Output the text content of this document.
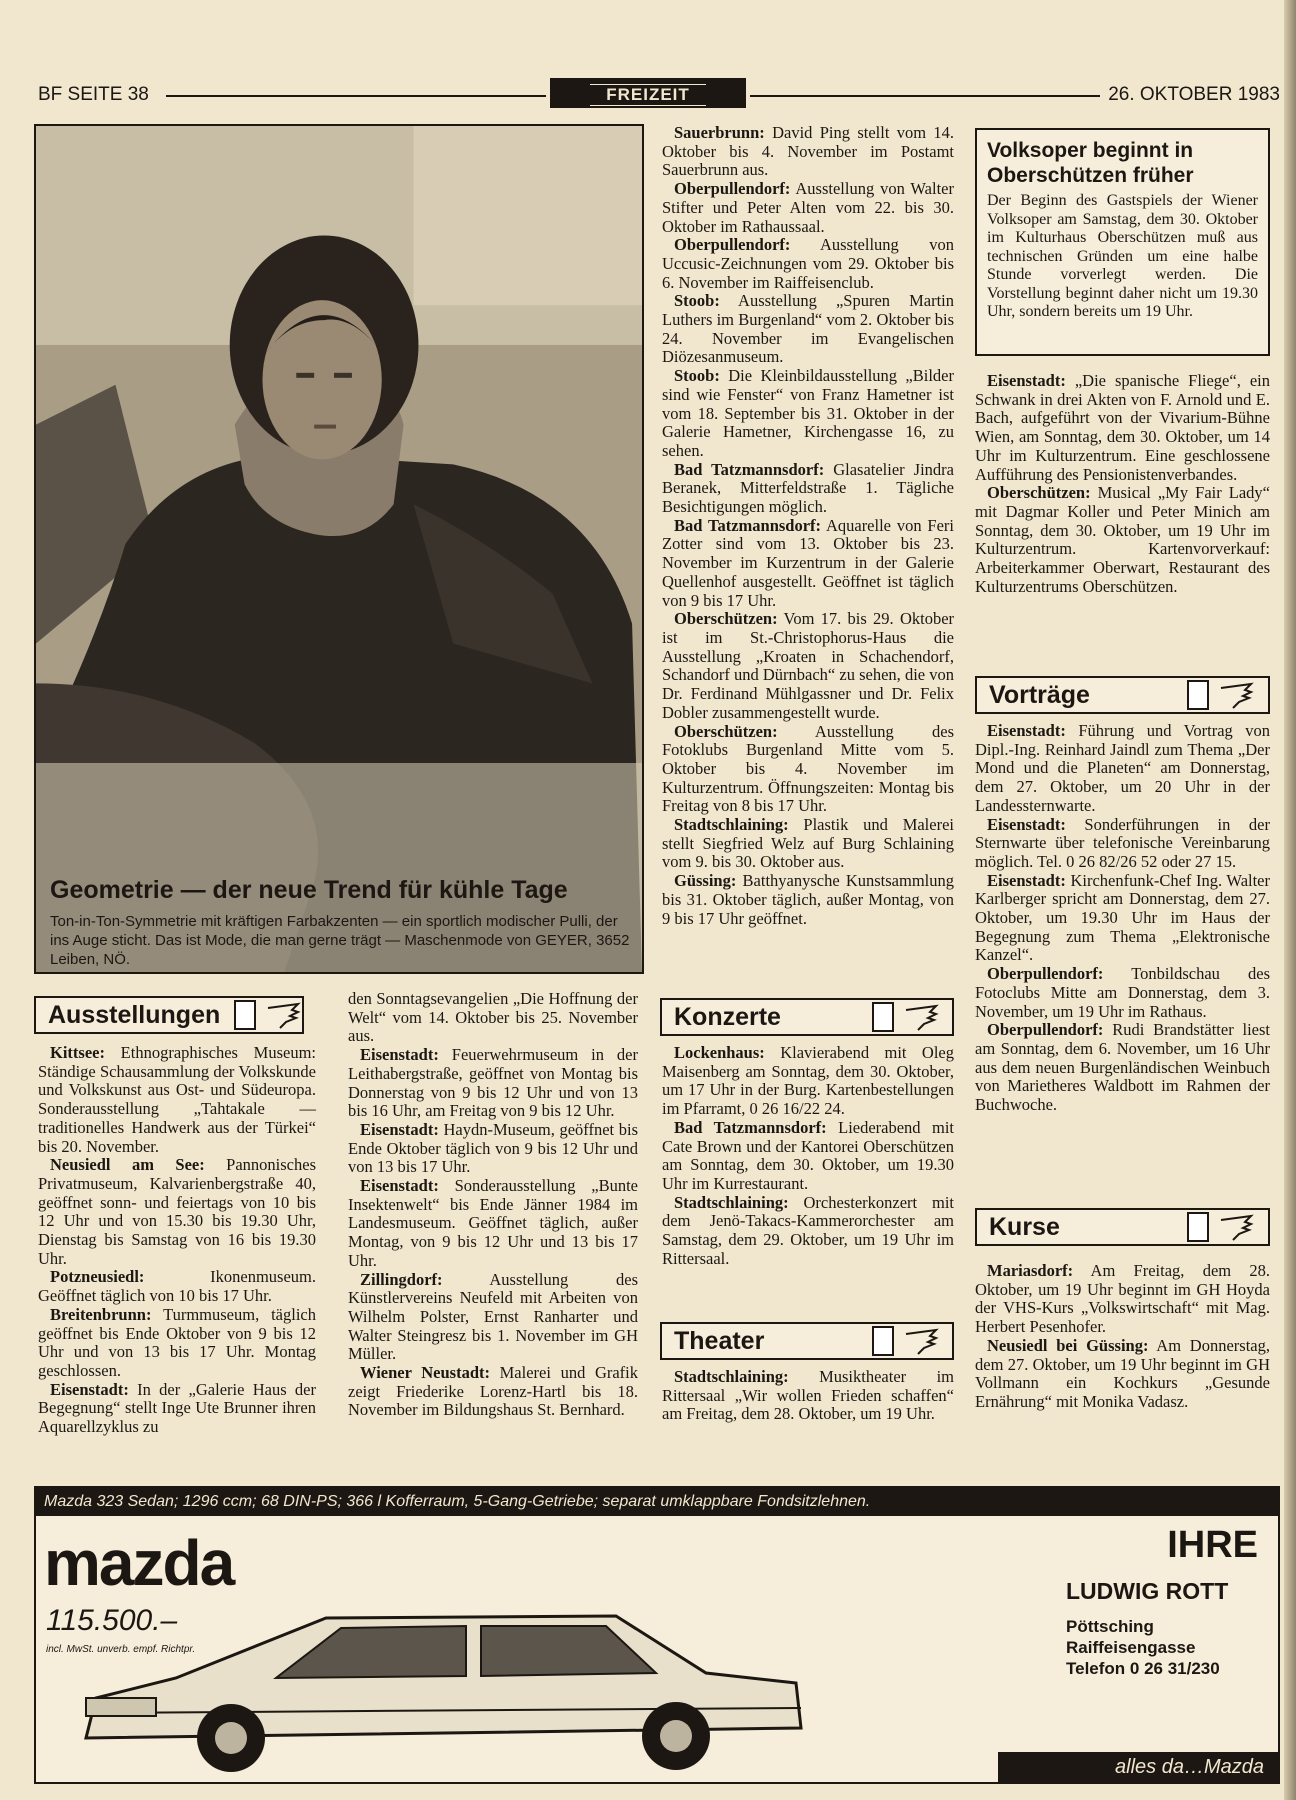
BF SEITE 38	FREIZEIT	26. OKTOBER 1983
Geometrie — der neue Trend für kühle Tage
Ton-in-Ton-Symmetrie mit kräftigen Farbakzenten — ein sportlich modischer Pulli, der ins Auge sticht. Das ist Mode, die man gerne trägt — Maschenmode von GEYER, 3652 Leiben, NÖ.
Ausstellungen

Kittsee: Ethnographisches Museum: Ständige Schausammlung der Volkskunde und Volkskunst aus Ost- und Südeuropa. Sonderausstellung „Tahtakale — traditionelles Handwerk aus der Türkei“ bis 20. November.

Neusiedl am See: Pannonisches Privatmuseum, Kalvarienbergstraße 40, geöffnet sonn- und feiertags von 10 bis 12 Uhr und von 15.30 bis 19.30 Uhr, Dienstag bis Samstag von 16 bis 19.30 Uhr.

Potzneusiedl:	Ikonenmuseum. Geöffnet täglich von 10 bis 17 Uhr.

Breitenbrunn: Turmmuseum, täglich geöffnet bis Ende Oktober von 9 bis 12 Uhr und von 13 bis 17 Uhr. Montag geschlossen.

Eisenstadt: In der „Galerie Haus der Begegnung“ stellt Inge Ute Brunner ihren Aquarellzyklus zu

den Sonntagsevangelien „Die Hoffnung der Welt“ vom 14. Oktober bis 25. November aus.

Eisenstadt: Feuerwehrmuseum in der Leithabergstraße, geöffnet von Montag bis Donnerstag von 9 bis 12 Uhr und von 13 bis 16 Uhr, am Freitag von 9 bis 12 Uhr.

Eisenstadt: Haydn-Museum, geöffnet bis Ende Oktober täglich von 9 bis 12 Uhr und von 13 bis 17 Uhr.

Eisenstadt: Sonderausstellung „Bunte Insektenwelt“ bis Ende Jänner 1984 im Landesmuseum. Geöffnet täglich, außer Montag, von 9 bis 12 Uhr und 13 bis 17 Uhr.

Zillingdorf:	Ausstellung des Künstlervereins Neufeld mit Arbeiten von Wilhelm Polster, Ernst Ranharter und Walter Steingresz bis 1. November im GH Müller.

Wiener Neustadt: Malerei und Grafik zeigt Friederike Lorenz-Hartl bis 18. November im Bildungshaus St. Bernhard.

Sauerbrunn: David Ping stellt vom 14. Oktober bis 4. November im Postamt Sauerbrunn aus.

Oberpullendorf: Ausstellung von Walter Stifter und Peter Alten vom 22. bis 30. Oktober im Rathaussaal.

Oberpullendorf: Ausstellung von Uccusic-Zeichnungen vom 29. Oktober bis 6. November im Raiffeisenclub.

Stoob: Ausstellung „Spuren Martin Luthers im Burgenland“ vom 2. Oktober bis 24. November im Evangelischen Diözesanmuseum.

Stoob: Die Kleinbildausstellung „Bilder sind wie Fenster“ von Franz Hametner ist vom 18. September bis 31. Oktober in der Galerie Hametner, Kirchengasse 16, zu sehen.

Bad Tatzmannsdorf: Glasatelier Jindra Beranek, Mitterfeldstraße 1. Tägliche Besichtigungen möglich.

Bad Tatzmannsdorf: Aquarelle von Feri Zotter sind vom 13. Oktober bis 23. November im Kurzentrum in der Galerie Quellenhof ausgestellt. Geöffnet ist täglich von 9 bis 17 Uhr.

Oberschützen: Vom 17. bis 29. Oktober ist im St.-Christophorus-Haus die Ausstellung „Kroaten in Schachendorf, Schandorf und Dürnbach“ zu sehen, die von Dr. Ferdinand Mühlgassner und Dr. Felix Dobler zusammengestellt wurde.

Oberschützen: Ausstellung des Fotoklubs Burgenland Mitte vom 5. Oktober bis 4. November im Kulturzentrum. Öffnungszeiten: Montag bis Freitag von 8 bis 17 Uhr.

Stadtschlaining: Plastik und Malerei stellt Siegfried Welz auf Burg Schlaining vom 9. bis 30. Oktober aus.

Güssing: Batthyanysche Kunstsammlung bis 31. Oktober täglich, außer Montag, von 9 bis 17 Uhr geöffnet.

Konzerte

Lockenhaus: Klavierabend mit Oleg Maisenberg am Sonntag, dem 30. Oktober, um 17 Uhr in der Burg. Kartenbestellungen im Pfarramt, 0 26 16/22 24.

Bad Tatzmannsdorf: Liederabend mit Cate Brown und der Kantorei Oberschützen am Sonntag, dem 30. Oktober, um 19.30 Uhr im Kurrestaurant.

Stadtschlaining: Orchesterkonzert mit dem Jenö-Takacs-Kammerorchester am Samstag, dem 29. Oktober, um 19 Uhr im Rittersaal.

Theater

Stadtschlaining: Musiktheater im Rittersaal „Wir wollen Frieden schaffen“ am Freitag, dem 28. Oktober, um 19 Uhr.

Volksoper beginnt in Oberschützen früher
Der Beginn des Gastspiels der Wiener Volksoper am Samstag, dem 30. Oktober im Kulturhaus Oberschützen muß aus technischen Gründen um eine halbe Stunde vorverlegt werden. Die Vorstellung beginnt daher nicht um 19.30 Uhr, sondern bereits um 19 Uhr.

Eisenstadt: „Die spanische Fliege“, ein Schwank in drei Akten von F. Arnold und E. Bach, aufgeführt von der Vivarium-Bühne Wien, am Sonntag, dem 30. Oktober, um 14 Uhr im Kulturzentrum. Eine geschlossene Aufführung des Pensionistenverbandes.

Oberschützen: Musical „My Fair Lady“ mit Dagmar Koller und Peter Minich am Sonntag, dem 30. Oktober, um 19 Uhr im Kulturzentrum. Kartenvorverkauf: Arbeiterkammer Oberwart, Restaurant des Kulturzentrums Oberschützen.

Vorträge

Eisenstadt: Führung und Vortrag von Dipl.-Ing. Reinhard Jaindl zum Thema „Der Mond und die Planeten“ am Donnerstag, dem 27. Oktober, um 20 Uhr in der Landessternwarte.

Eisenstadt: Sonderführungen in der Sternwarte über telefonische Vereinbarung möglich. Tel. 0 26 82/26 52 oder 27 15.

Eisenstadt: Kirchenfunk-Chef Ing. Walter Karlberger spricht am Donnerstag, dem 27. Oktober, um 19.30 Uhr im Haus der Begegnung zum Thema „Elektronische Kanzel“.

Oberpullendorf: Tonbildschau des Fotoclubs Mitte am Donnerstag, dem 3. November, um 19 Uhr im Rathaus.

Oberpullendorf: Rudi Brandstätter liest am Sonntag, dem 6. November, um 16 Uhr aus dem neuen Burgenländischen Weinbuch von Marietheres Waldbott im Rahmen der Buchwoche.

Kurse

Mariasdorf: Am Freitag, dem 28. Oktober, um 19 Uhr beginnt im GH Hoyda der VHS-Kurs „Volkswirtschaft“ mit Mag. Herbert Pesenhofer.

Neusiedl bei Güssing: Am Donnerstag, dem 27. Oktober, um 19 Uhr beginnt im GH Vollmann ein Kochkurs „Gesunde Ernährung“ mit Monika Vadasz.

Mazda 323 Sedan; 1296 ccm; 68 DIN-PS; 366 l Kofferraum, 5-Gang-Getriebe; separat umklappbare Fondsitzlehnen.
mazda
115.500.–
incl. MwSt. unverb. empf. Richtpr.
IHRE
LUDWIG ROTT
Pöttsching
Raiffeisengasse
Telefon 0 26 31/230
alles da…Mazda
